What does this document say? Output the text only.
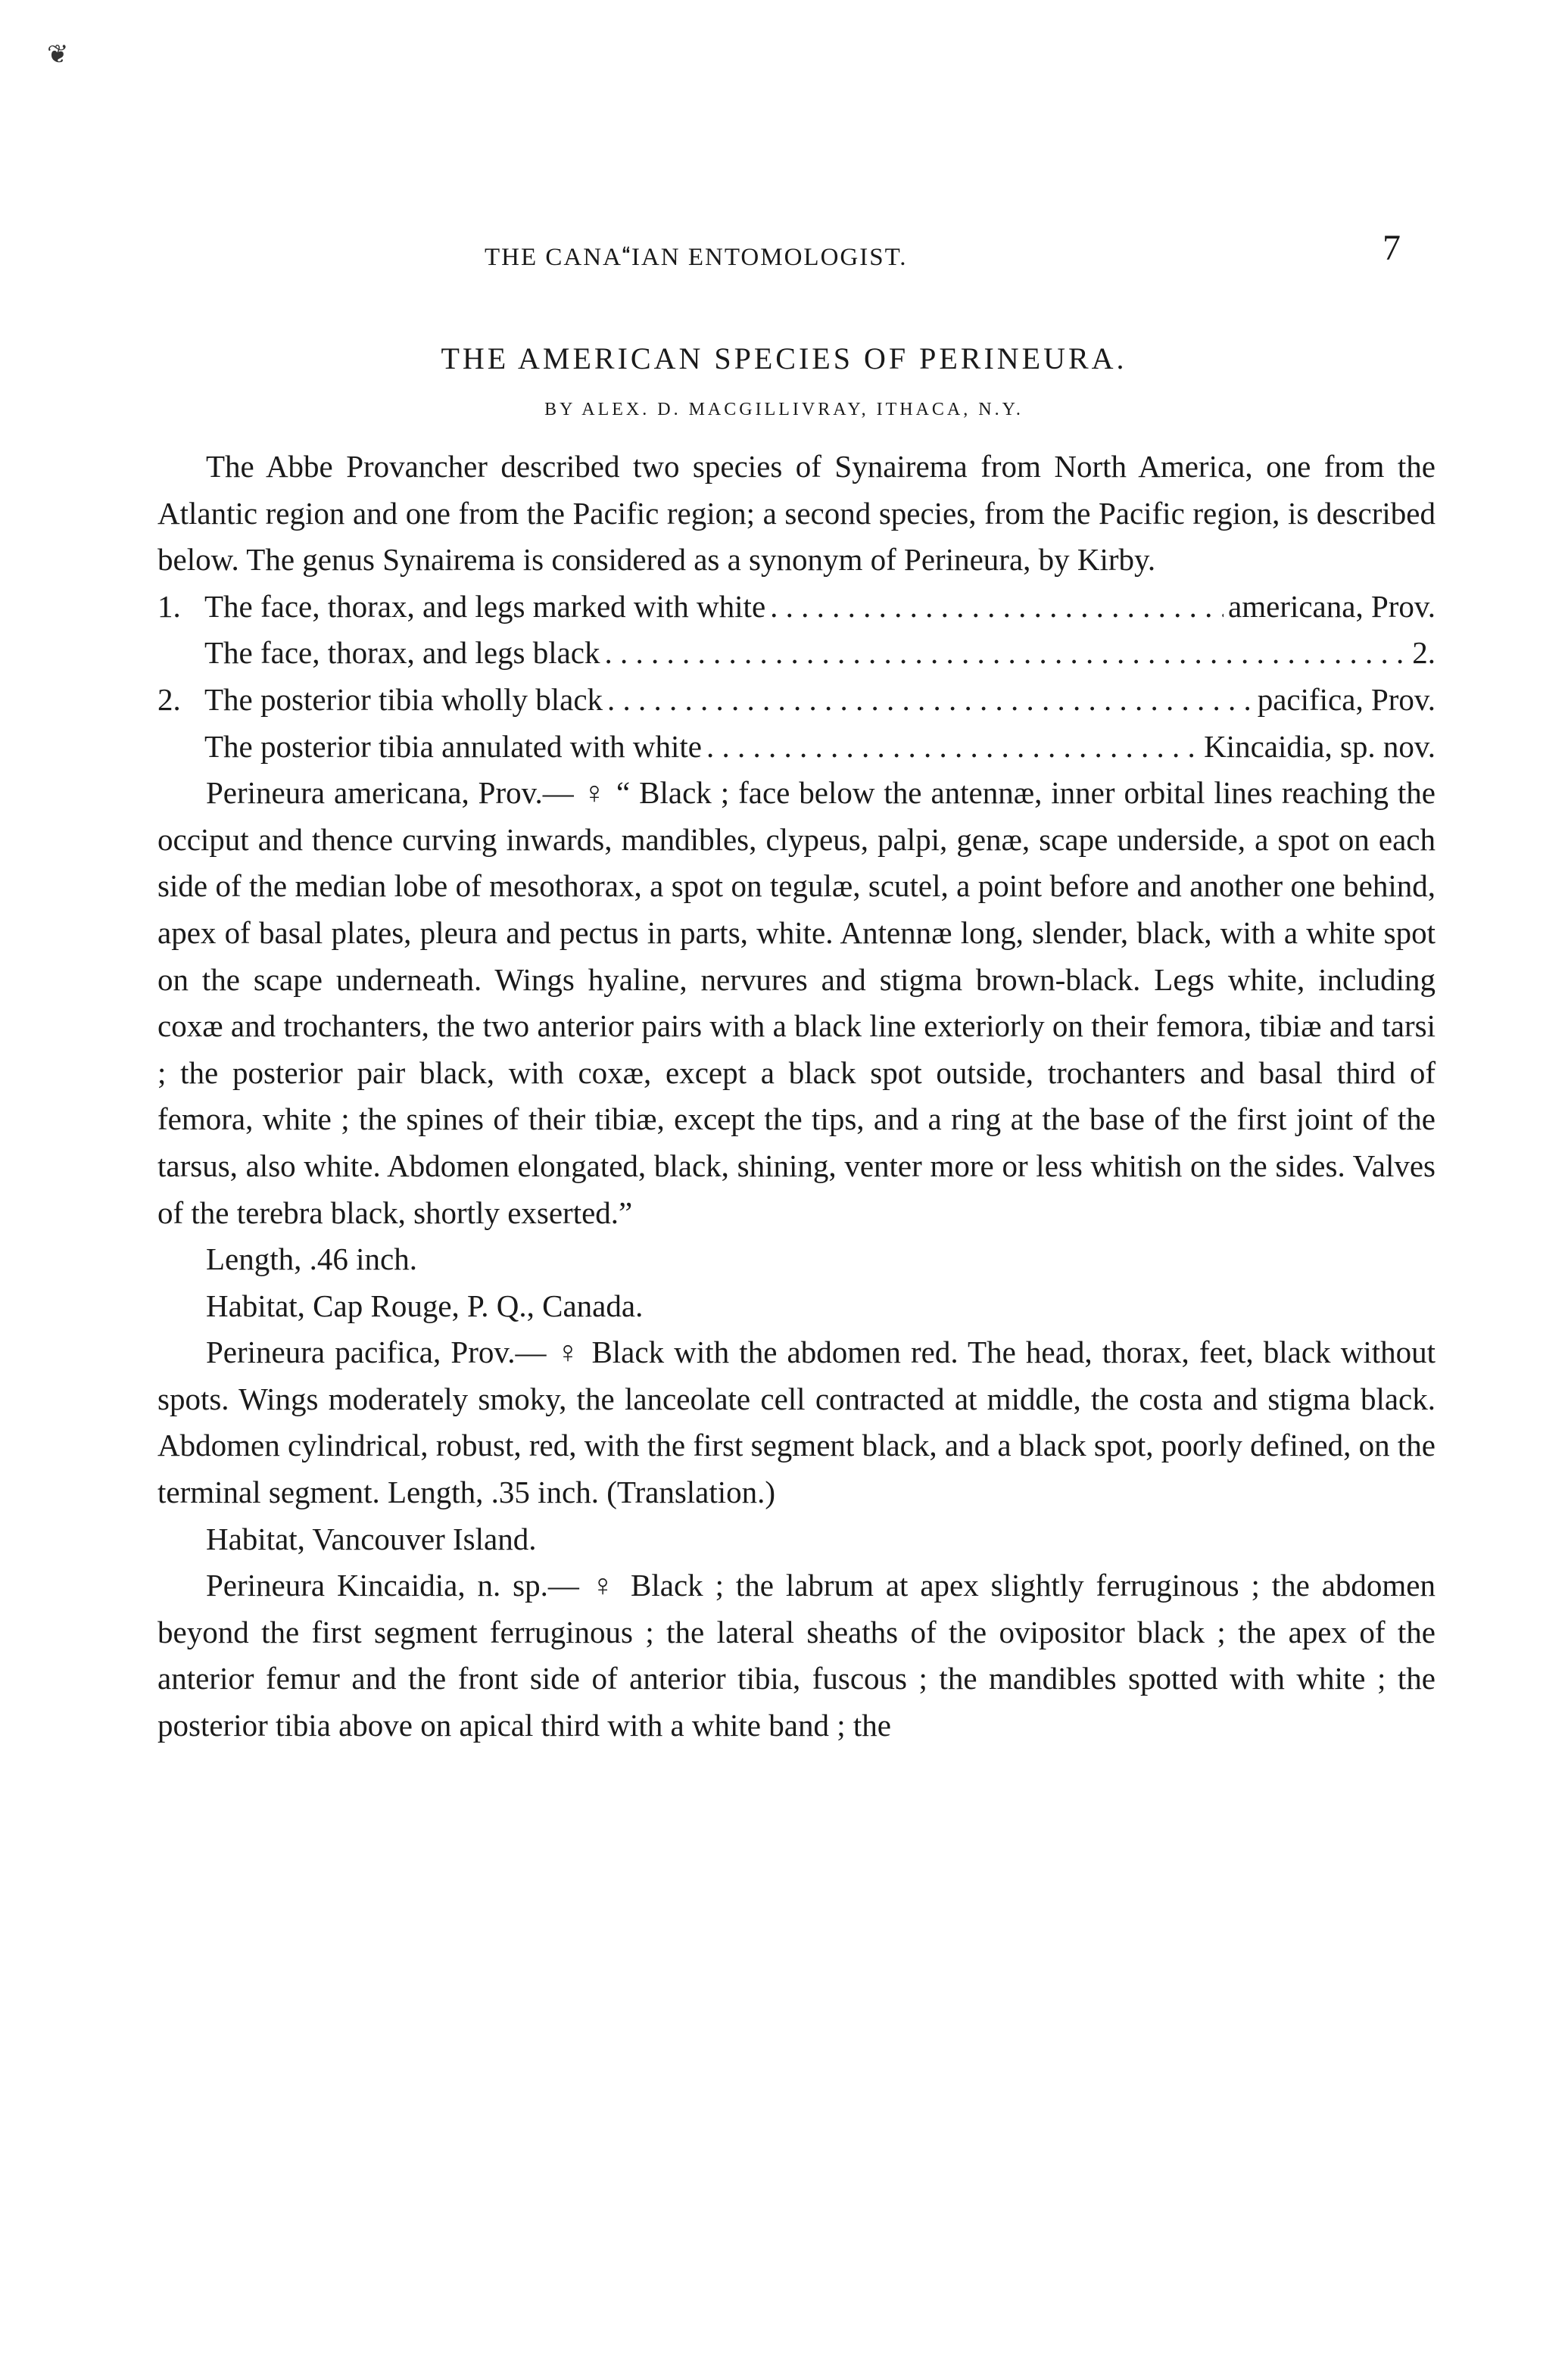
❦
THE CANAIAN ENTOMOLOGIST.	7
THE AMERICAN SPECIES OF PERINEURA.
BY ALEX. D. MACGILLIVRAY, ITHACA, N.Y.

The Abbe Provancher described two species of Synairema from North America, one from the Atlantic region and one from the Pacific region; a second species, from the Pacific region, is described below. The genus Synairema is considered as a synonym of Perineura, by Kirby.

1. The face, thorax, and legs marked with white . . .	americana, Prov.
The face, thorax, and legs black . . .	2.
2. The posterior tibia wholly black . . .	pacifica, Prov.
The posterior tibia annulated with white . . .	Kincaidia, sp. nov.

Perineura americana, Prov.— ♀ “ Black ; face below the antennæ, inner orbital lines reaching the occiput and thence curving inwards, mandibles, clypeus, palpi, genæ, scape underside, a spot on each side of the median lobe of mesothorax, a spot on tegulæ, scutel, a point before and another one behind, apex of basal plates, pleura and pectus in parts, white. Antennæ long, slender, black, with a white spot on the scape underneath. Wings hyaline, nervures and stigma brown-black. Legs white, including coxæ and trochanters, the two anterior pairs with a black line exteriorly on their femora, tibiæ and tarsi ; the posterior pair black, with coxæ, except a black spot outside, trochanters and basal third of femora, white ; the spines of their tibiæ, except the tips, and a ring at the base of the first joint of the tarsus, also white. Abdomen elongated, black, shining, venter more or less whitish on the sides. Valves of the terebra black, shortly exserted.”

Length, .46 inch.

Habitat, Cap Rouge, P. Q., Canada.

Perineura pacifica, Prov.— ♀ Black with the abdomen red. The head, thorax, feet, black without spots. Wings moderately smoky, the lanceolate cell contracted at middle, the costa and stigma black. Abdomen cylindrical, robust, red, with the first segment black, and a black spot, poorly defined, on the terminal segment. Length, .35 inch. (Translation.)

Habitat, Vancouver Island.

Perineura Kincaidia, n. sp.— ♀ Black ; the labrum at apex slightly ferruginous ; the abdomen beyond the first segment ferruginous ; the lateral sheaths of the ovipositor black ; the apex of the anterior femur and the front side of anterior tibia, fuscous ; the mandibles spotted with white ; the posterior tibia above on apical third with a white band ; the
